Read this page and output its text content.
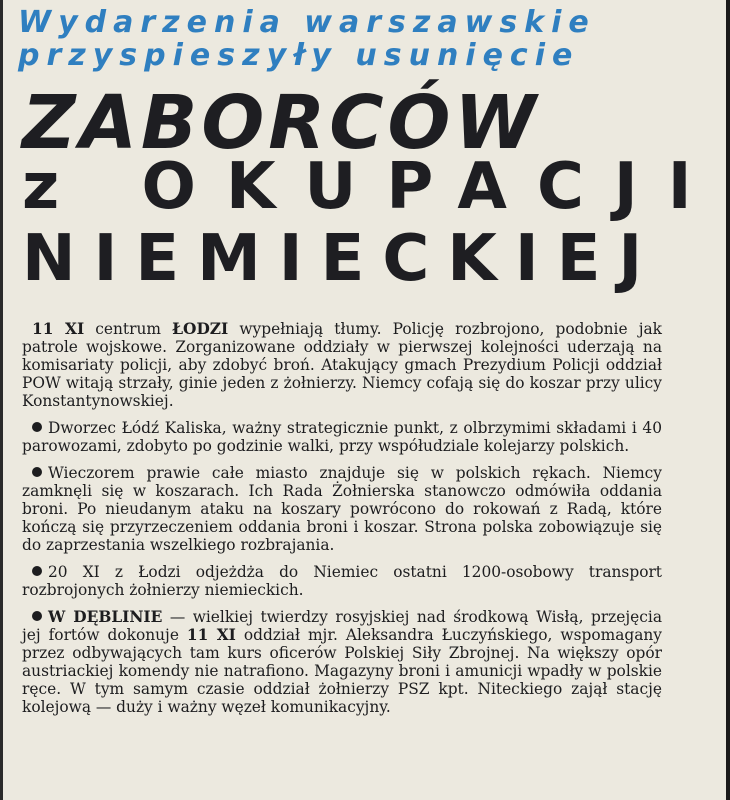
Wydarzenia warszawskie
przyspieszyły usunięcie
ZABORCÓW
z OKUPACJI
NIEMIECKIEJ

11 XI centrum ŁODZI wypełniają tłumy. Policję rozbrojono, podobnie jak patrole wojskowe. Zorganizowane oddziały w pierwszej kolejności uderzają na komisariaty policji, aby zdobyć broń. Atakujący gmach Prezydium Policji oddział POW witają strzały, ginie jeden z żołnierzy. Niemcy cofają się do koszar przy ulicy Konstantynowskiej.

Dworzec Łódź Kaliska, ważny strategicznie punkt, z olbrzymimi składami i 40 parowozami, zdobyto po godzinie walki, przy współudziale kolejarzy polskich.

Wieczorem prawie całe miasto znajduje się w polskich rękach. Niemcy zamknęli się w koszarach. Ich Rada Żołnierska stanowczo odmówiła oddania broni. Po nieudanym ataku na koszary powrócono do rokowań z Radą, które kończą się przyrzeczeniem oddania broni i koszar. Strona polska zobowiązuje się do zaprzestania wszelkiego rozbrajania.

20 XI z Łodzi odjeżdża do Niemiec ostatni 1200-osobowy transport rozbrojonych żołnierzy niemieckich.

W DĘBLINIE — wielkiej twierdzy rosyjskiej nad środkową Wisłą, przejęcia jej fortów dokonuje 11 XI oddział mjr. Aleksandra Łuczyńskiego, wspomagany przez odbywających tam kurs oficerów Polskiej Siły Zbrojnej. Na większy opór austriackiej komendy nie natrafiono. Magazyny broni i amunicji wpadły w polskie ręce. W tym samym czasie oddział żołnierzy PSZ kpt. Niteckiego zajął stację kolejową — duży i ważny węzeł komunikacyjny.
